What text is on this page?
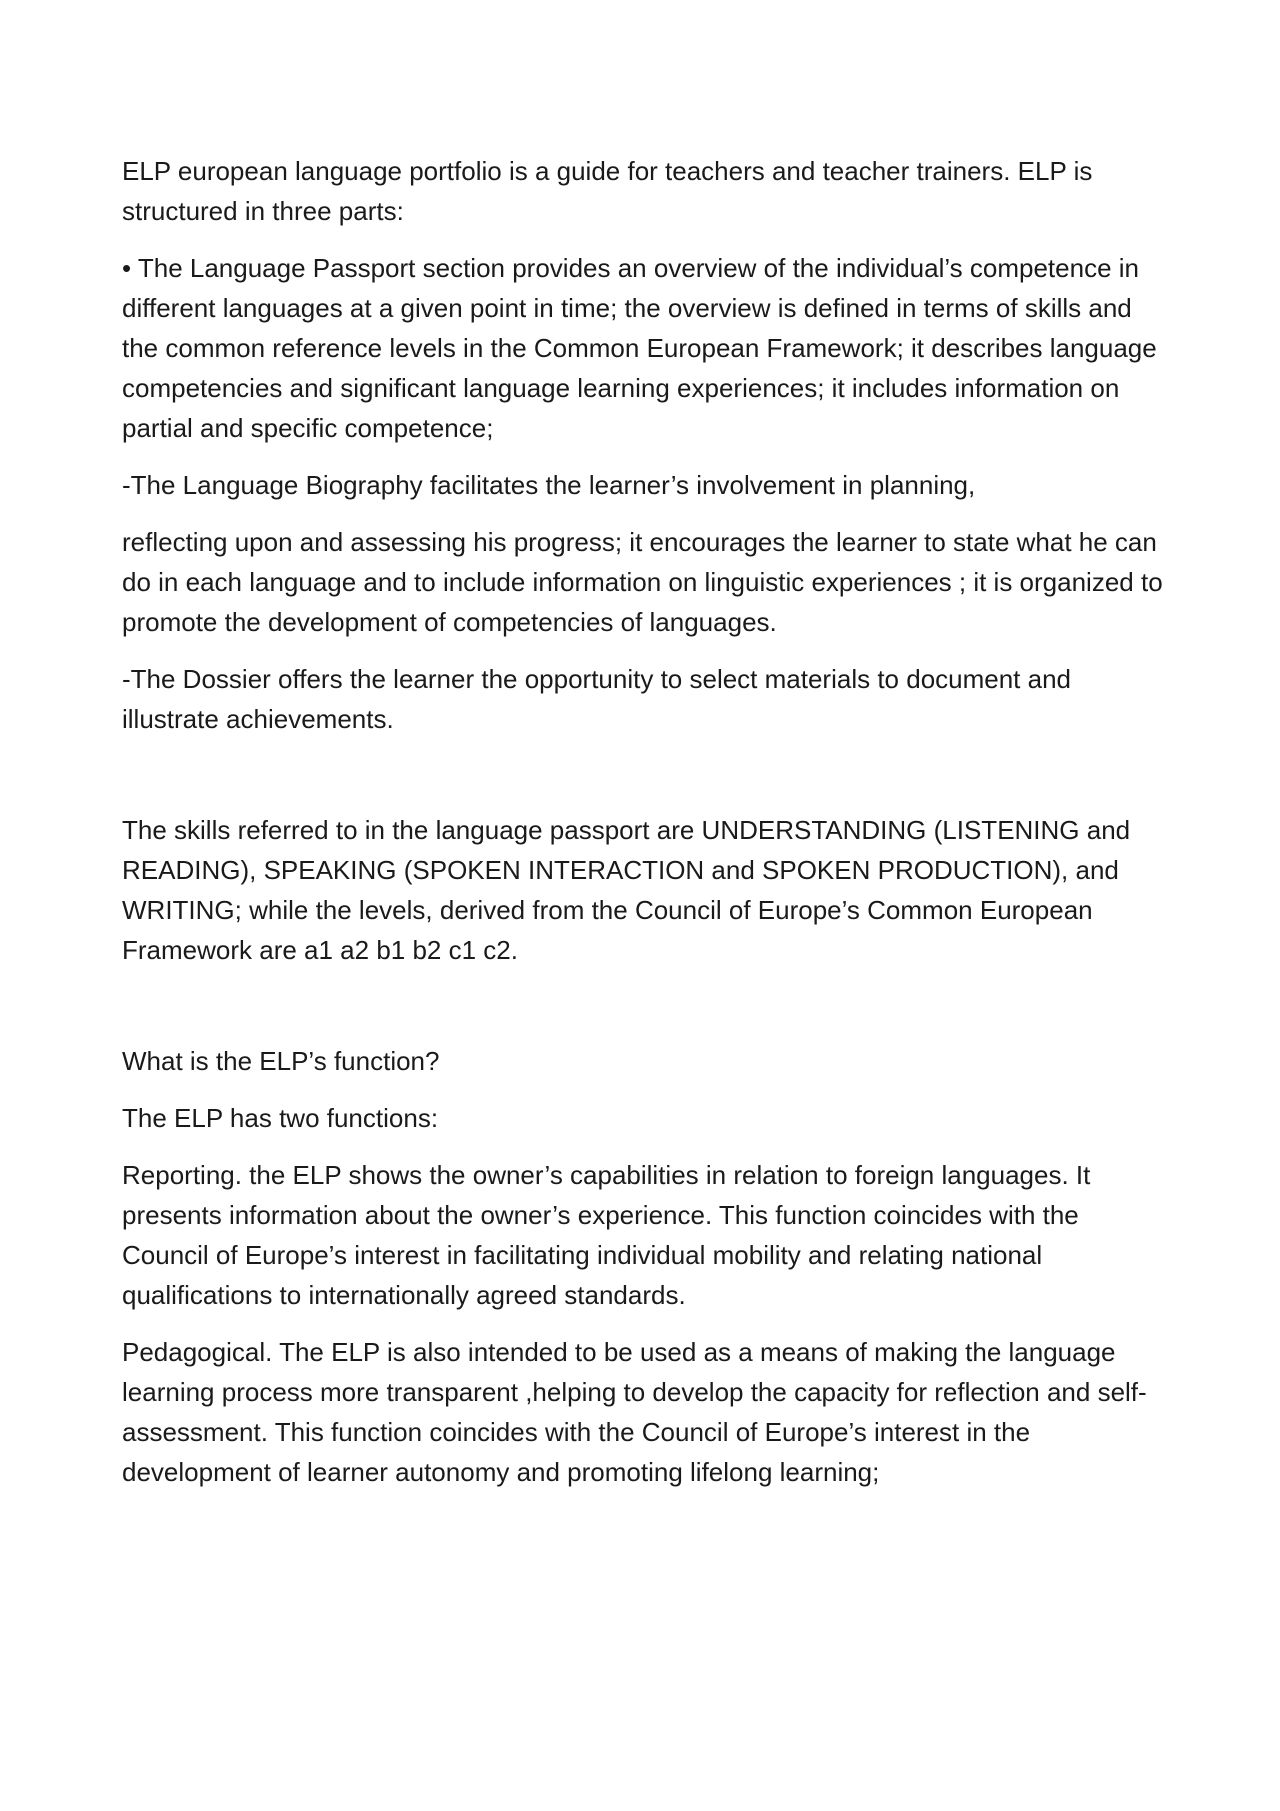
ELP european language portfolio is a guide for teachers and teacher trainers. ELP is structured in three parts:

• The Language Passport section provides an overview of the individual’s competence in different languages at a given point in time; the overview is defined in terms of skills and the common reference levels in the Common European Framework; it describes language competencies and significant language learning experiences; it includes information on partial and specific competence;

-The Language Biography facilitates the learner’s involvement in planning,

reflecting upon and assessing his progress; it encourages the learner to state what he can do in each language and to include information on linguistic experiences ; it is organized to promote the development of competencies of languages.

-The Dossier offers the learner the opportunity to select materials to document and illustrate achievements.

The skills referred to in the language passport are UNDERSTANDING (LISTENING and READING), SPEAKING (SPOKEN INTERACTION and SPOKEN PRODUCTION), and WRITING; while the levels, derived from the Council of Europe’s Common European Framework are a1 a2 b1 b2 c1 c2.

What is the ELP’s function?

The ELP has two functions:

Reporting. the ELP shows the owner’s capabilities in relation to foreign languages. It presents information about the owner’s experience. This function coincides with the Council of Europe’s interest in facilitating individual mobility and relating national qualifications to internationally agreed standards.

Pedagogical. The ELP is also intended to be used as a means of making the language learning process more transparent ,helping to develop the capacity for reflection and self-assessment. This function coincides with the Council of Europe’s interest in the development of learner autonomy and promoting lifelong learning;
